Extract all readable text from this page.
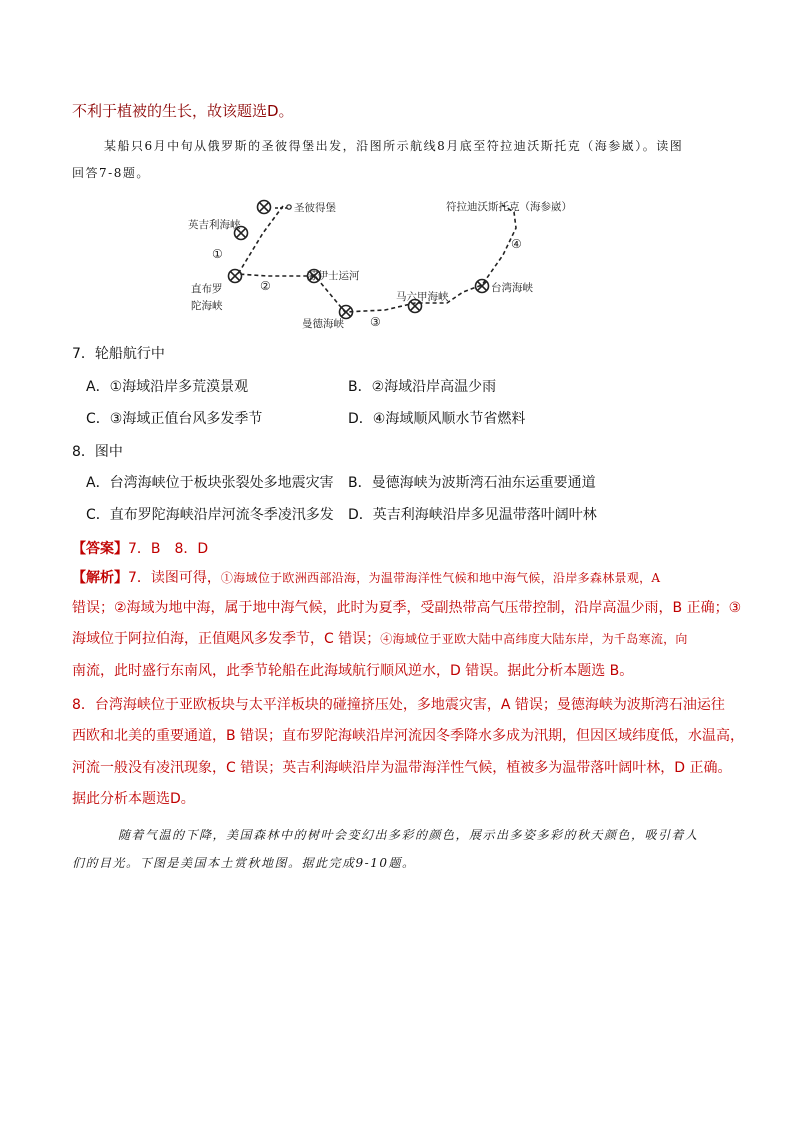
不利于植被的生长，故该题选D。
某船只6月中旬从俄罗斯的圣彼得堡出发，沿图所示航线8月底至符拉迪沃斯托克（海参崴）。读图
回答7-8题。
圣彼得堡
英吉利海峡
直布罗
陀海峡
苏伊士运河
曼德海峡
马六甲海峡
台湾海峡
符拉迪沃斯托克（海参崴）
①
②
③
④
7．轮船航行中
A．①海域沿岸多荒漠景观	B．②海域沿岸高温少雨
C．③海域正值台风多发季节	D．④海域顺风顺水节省燃料
8．图中
A．台湾海峡位于板块张裂处多地震灾害 B．曼德海峡为波斯湾石油东运重要通道
C．直布罗陀海峡沿岸河流冬季凌汛多发 D．英吉利海峡沿岸多见温带落叶阔叶林
【答案】7．B　8．D
【解析】7．读图可得，①海域位于欧洲西部沿海，为温带海洋性气候和地中海气候，沿岸多森林景观，A
错误；②海域为地中海，属于地中海气候，此时为夏季，受副热带高气压带控制，沿岸高温少雨，B 正确；③
海域位于阿拉伯海，正值飓风多发季节，C 错误；④海域位于亚欧大陆中高纬度大陆东岸，为千岛寒流，向
南流，此时盛行东南风，此季节轮船在此海域航行顺风逆水，D 错误。据此分析本题选 B。
8．台湾海峡位于亚欧板块与太平洋板块的碰撞挤压处，多地震灾害，A 错误；曼德海峡为波斯湾石油运往
西欧和北美的重要通道，B 错误；直布罗陀海峡沿岸河流因冬季降水多成为汛期，但因区域纬度低，水温高，
河流一般没有凌汛现象，C 错误；英吉利海峡沿岸为温带海洋性气候，植被多为温带落叶阔叶林，D 正确。
据此分析本题选D。
随着气温的下降，美国森林中的树叶会变幻出多彩的颜色，展示出多姿多彩的秋天颜色，吸引着人
们的目光。下图是美国本土赏秋地图。据此完成9-10题。
